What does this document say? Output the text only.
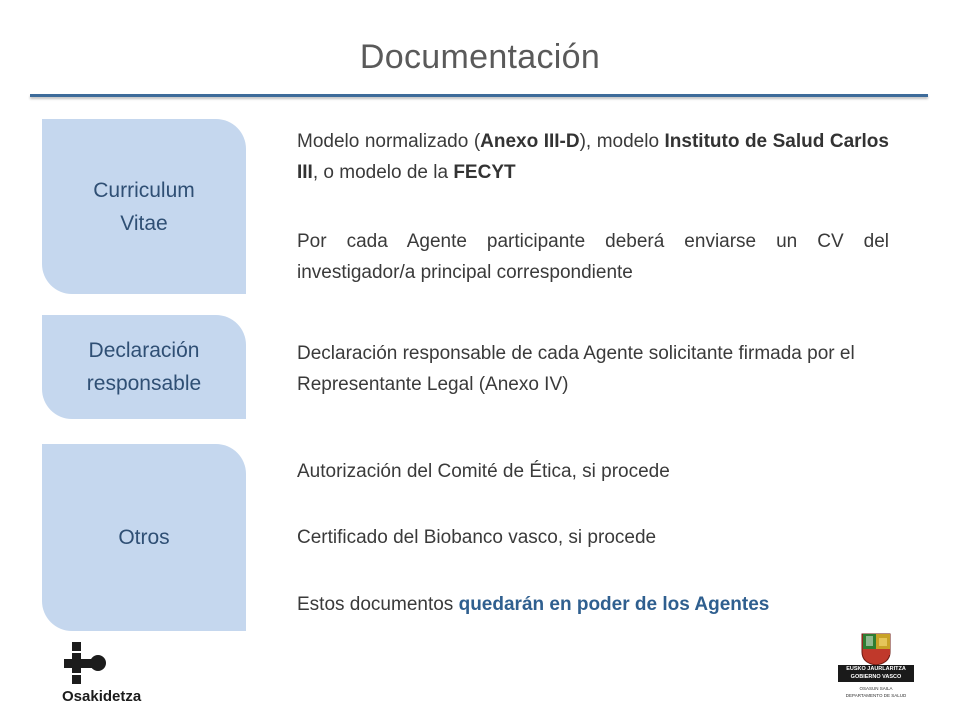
Documentación
Curriculum
Vitae
Declaración
responsable
Otros
Modelo normalizado (Anexo III-D), modelo Instituto de Salud Carlos III, o modelo de la FECYT
Por cada Agente participante deberá enviarse un CV del investigador/a principal correspondiente
Declaración responsable de cada Agente solicitante firmada por el Representante Legal (Anexo IV)
Autorización del Comité de Ética, si procede
Certificado del Biobanco vasco, si procede
Estos documentos quedarán en poder de los Agentes
Osakidetza
EUSKO JAURLARITZA
GOBIERNO VASCO
OSASUN SAILA
DEPARTAMENTO DE SALUD
